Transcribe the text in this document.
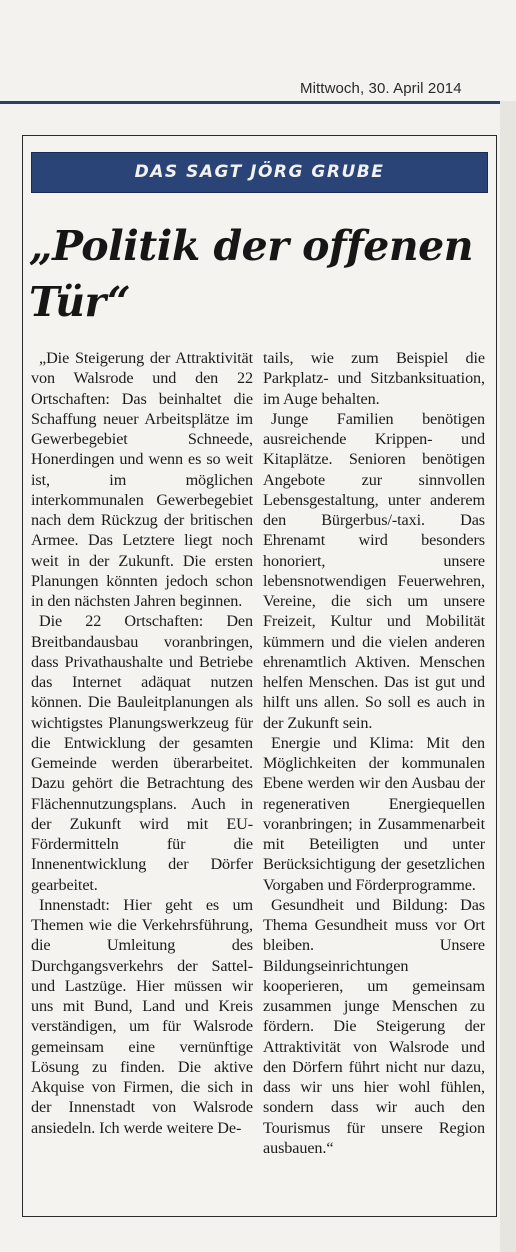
Mittwoch, 30. April 2014
DAS SAGT JÖRG GRUBE
„Politik der offenen Tür“

„Die Steigerung der Attraktivität von Walsrode und den 22 Ortschaften: Das beinhaltet die Schaffung neuer Arbeitsplätze im Gewerbegebiet Schneede, Honerdingen und wenn es so weit ist, im möglichen interkommunalen Gewerbegebiet nach dem Rückzug der britischen Armee. Das Letztere liegt noch weit in der Zukunft. Die ersten Planungen könnten jedoch schon in den nächsten Jahren beginnen.

Die 22 Ortschaften: Den Breitbandausbau voranbringen, dass Privathaushalte und Betriebe das Internet adäquat nutzen können. Die Bauleitplanungen als wichtigstes Planungswerkzeug für die Entwicklung der gesamten Gemeinde werden überarbeitet. Dazu gehört die Betrachtung des Flächennutzungsplans. Auch in der Zukunft wird mit EU-Fördermitteln für die Innenentwicklung der Dörfer gearbeitet.

Innenstadt: Hier geht es um Themen wie die Verkehrsführung, die Umleitung des Durchgangsverkehrs der Sattel- und Lastzüge. Hier müssen wir uns mit Bund, Land und Kreis verständigen, um für Walsrode gemeinsam eine vernünftige Lösung zu finden. Die aktive Akquise von Firmen, die sich in der Innenstadt von Walsrode ansiedeln. Ich werde weitere De-

tails, wie zum Beispiel die Parkplatz- und Sitzbanksituation, im Auge behalten.

Junge Familien benötigen ausreichende Krippen- und Kitaplätze. Senioren benötigen Angebote zur sinnvollen Lebensgestaltung, unter anderem den Bürgerbus/-taxi. Das Ehrenamt wird besonders honoriert, unsere lebensnotwendigen Feuerwehren, Vereine, die sich um unsere Freizeit, Kultur und Mobilität kümmern und die vielen anderen ehrenamtlich Aktiven. Menschen helfen Menschen. Das ist gut und hilft uns allen. So soll es auch in der Zukunft sein.

Energie und Klima: Mit den Möglichkeiten der kommunalen Ebene werden wir den Ausbau der regenerativen Energiequellen voranbringen; in Zusammenarbeit mit Beteiligten und unter Berücksichtigung der gesetzlichen Vorgaben und Förderprogramme.

Gesundheit und Bildung: Das Thema Gesundheit muss vor Ort bleiben. Unsere Bildungseinrichtungen kooperieren, um gemeinsam zusammen junge Menschen zu fördern. Die Steigerung der Attraktivität von Walsrode und den Dörfern führt nicht nur dazu, dass wir uns hier wohl fühlen, sondern dass wir auch den Tourismus für unsere Region ausbauen.“
